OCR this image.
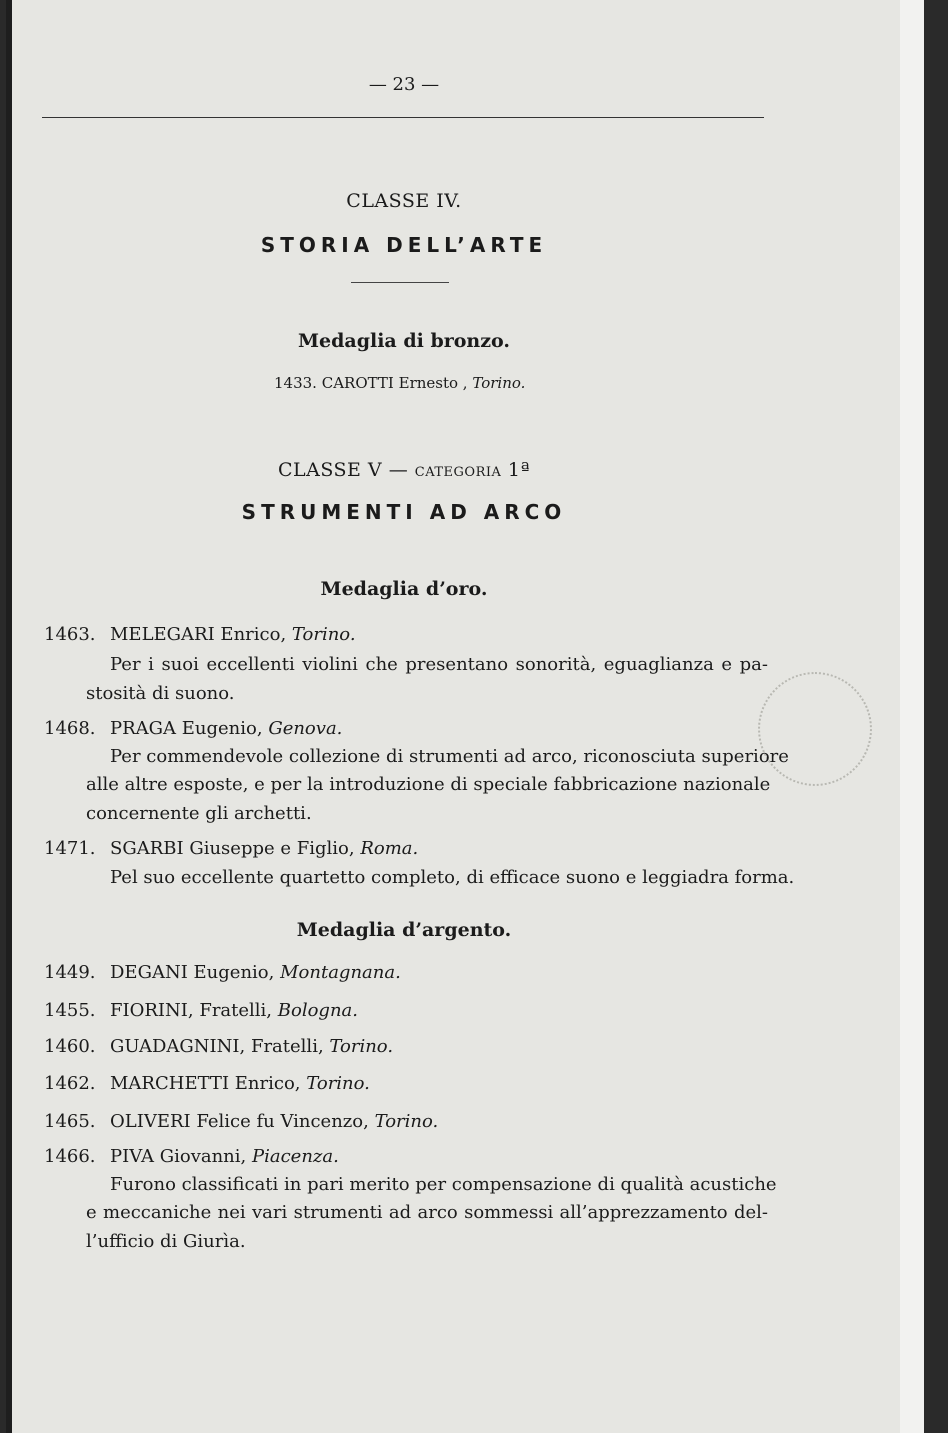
— 23 —
CLASSE IV.
STORIA DELL’ARTE
Medaglia di bronzo.
1433. CAROTTI Ernesto , Torino.
CLASSE V — CATEGORIA 1ª
STRUMENTI AD ARCO
Medaglia d’oro.
1463. MELEGARI Enrico, Torino.
Per i suoi eccellenti violini che presentano sonorità, eguaglianza e pa-
stosità di suono.
1468. PRAGA Eugenio, Genova.
Per commendevole collezione di strumenti ad arco, riconosciuta superiore
alle altre esposte, e per la introduzione di speciale fabbricazione nazionale
concernente gli archetti.
1471. SGARBI Giuseppe e Figlio, Roma.
Pel suo eccellente quartetto completo, di efficace suono e leggiadra forma.
Medaglia d’argento.
1449. DEGANI Eugenio, Montagnana.
1455. FIORINI, Fratelli, Bologna.
1460. GUADAGNINI, Fratelli, Torino.
1462. MARCHETTI Enrico, Torino.
1465. OLIVERI Felice fu Vincenzo, Torino.
1466. PIVA Giovanni, Piacenza.
Furono classificati in pari merito per compensazione di qualità acustiche
e meccaniche nei vari strumenti ad arco sommessi all’apprezzamento del-
l’ufficio di Giurìa.
